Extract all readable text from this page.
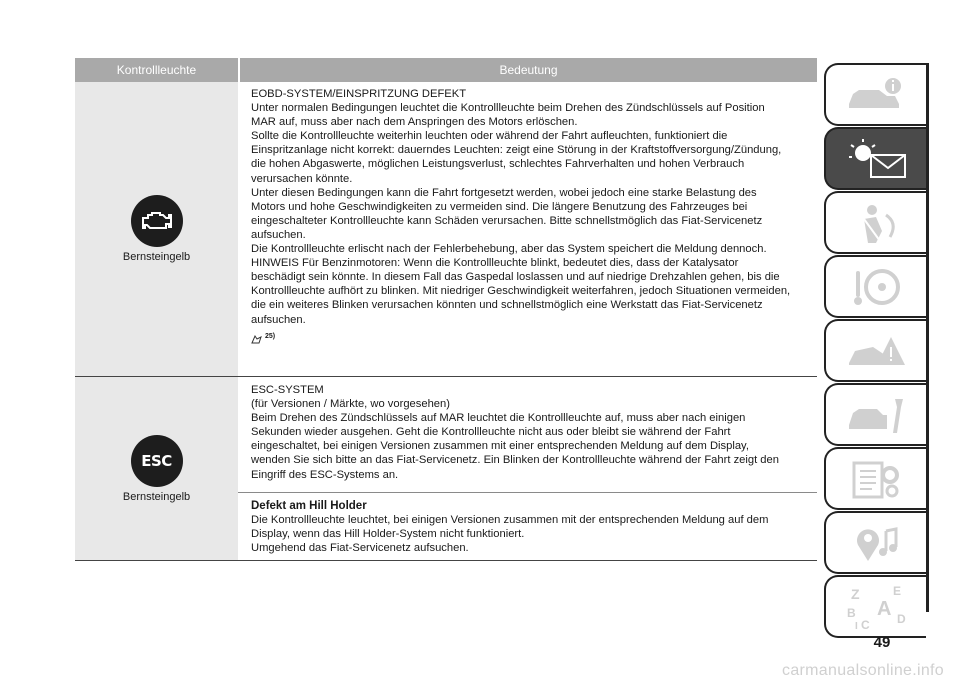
Kontrollleuchte	Bedeutung
Bernsteingelb
EOBD-SYSTEM/EINSPRITZUNG DEFEKT
Unter normalen Bedingungen leuchtet die Kontrollleuchte beim Drehen des Zündschlüssels auf Position
MAR auf, muss aber nach dem Anspringen des Motors erlöschen.
Sollte die Kontrollleuchte weiterhin leuchten oder während der Fahrt aufleuchten, funktioniert die
Einspritzanlage nicht korrekt: dauerndes Leuchten: zeigt eine Störung in der Kraftstoffversorgung/Zündung,
die hohen Abgaswerte, möglichen Leistungsverlust, schlechtes Fahrverhalten und hohen Verbrauch
verursachen könnte.
Unter diesen Bedingungen kann die Fahrt fortgesetzt werden, wobei jedoch eine starke Belastung des
Motors und hohe Geschwindigkeiten zu vermeiden sind. Die längere Benutzung des Fahrzeuges bei
eingeschalteter Kontrollleuchte kann Schäden verursachen. Bitte schnellstmöglich das Fiat-Servicenetz
aufsuchen.
Die Kontrollleuchte erlischt nach der Fehlerbehebung, aber das System speichert die Meldung dennoch.
HINWEIS Für Benzinmotoren: Wenn die Kontrollleuchte blinkt, bedeutet dies, dass der Katalysator
beschädigt sein könnte. In diesem Fall das Gaspedal loslassen und auf niedrige Drehzahlen gehen, bis die
Kontrollleuchte aufhört zu blinken. Mit niedriger Geschwindigkeit weiterfahren, jedoch Situationen vermeiden,
die ein weiteres Blinken verursachen könnten und schnellstmöglich eine Werkstatt das Fiat-Servicenetz
aufsuchen.
25)
ESC
Bernsteingelb
ESC-SYSTEM
(für Versionen / Märkte, wo vorgesehen)
Beim Drehen des Zündschlüssels auf MAR leuchtet die Kontrollleuchte auf, muss aber nach einigen
Sekunden wieder ausgehen. Geht die Kontrollleuchte nicht aus oder bleibt sie während der Fahrt
eingeschaltet, bei einigen Versionen zusammen mit einer entsprechenden Meldung auf dem Display,
wenden Sie sich bitte an das Fiat-Servicenetz. Ein Blinken der Kontrollleuchte während der Fahrt zeigt den
Eingriff des ESC-Systems an.
Defekt am Hill Holder
Die Kontrollleuchte leuchtet, bei einigen Versionen zusammen mit der entsprechenden Meldung auf dem
Display, wenn das Hill Holder-System nicht funktioniert.
Umgehend das Fiat-Servicenetz aufsuchen.
Z	E
A
B
C D
I
49
carmanualsonline.info
